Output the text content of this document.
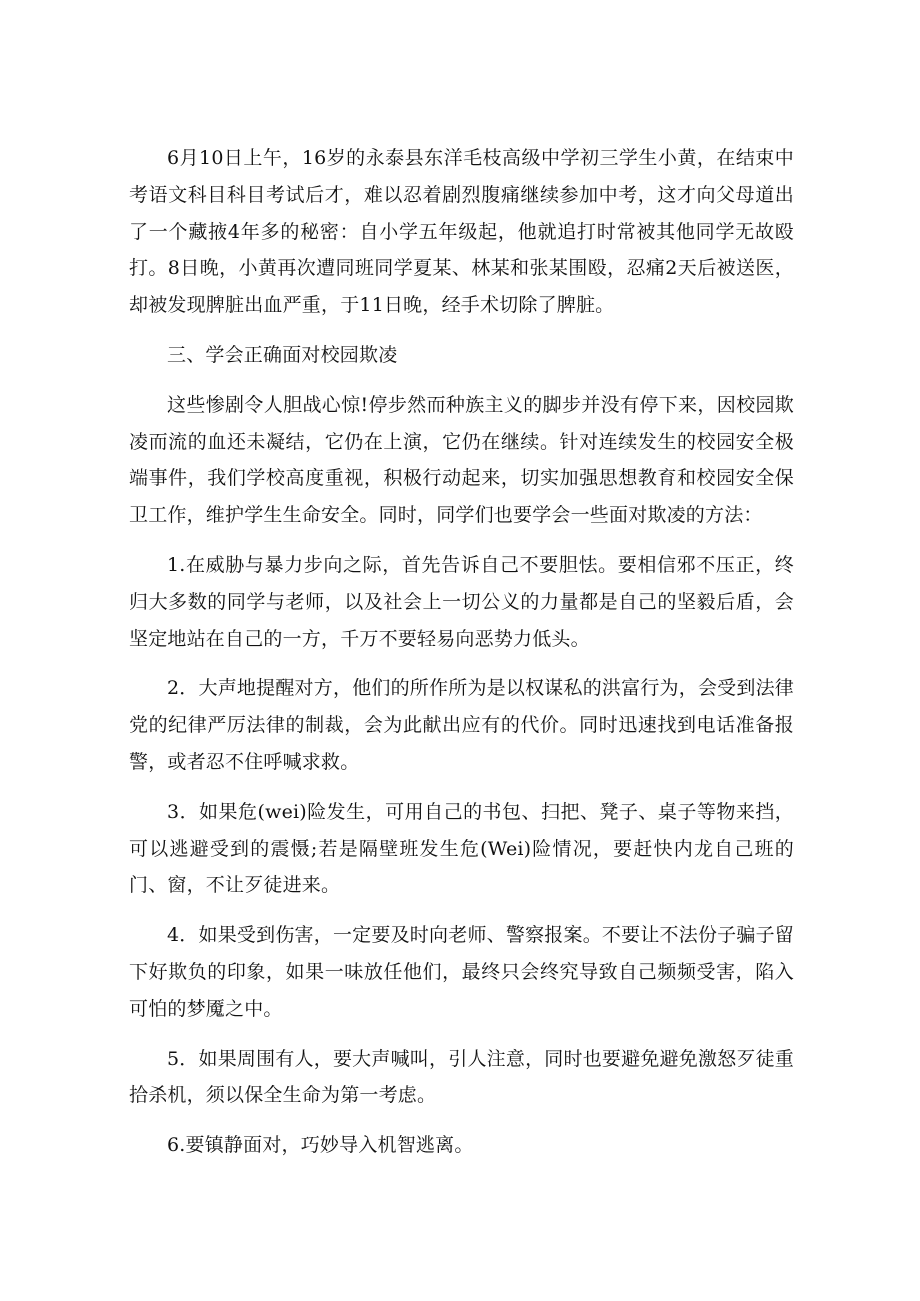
6月10日上午，16岁的永泰县东洋毛枝高级中学初三学生小黄，在结束中考语文科目科目考试后才，难以忍着剧烈腹痛继续参加中考，这才向父母道出了一个藏掖4年多的秘密：自小学五年级起，他就追打时常被其他同学无故殴打。8日晚，小黄再次遭同班同学夏某、林某和张某围殴，忍痛2天后被送医，却被发现脾脏出血严重，于11日晚，经手术切除了脾脏。

三、学会正确面对校园欺凌

这些惨剧令人胆战心惊!停步然而种族主义的脚步并没有停下来，因校园欺凌而流的血还未凝结，它仍在上演，它仍在继续。针对连续发生的校园安全极端事件，我们学校高度重视，积极行动起来，切实加强思想教育和校园安全保卫工作，维护学生生命安全。同时，同学们也要学会一些面对欺凌的方法：

1.在威胁与暴力步向之际，首先告诉自己不要胆怯。要相信邪不压正，终归大多数的同学与老师，以及社会上一切公义的力量都是自己的坚毅后盾，会坚定地站在自己的一方，千万不要轻易向恶势力低头。

2．大声地提醒对方，他们的所作所为是以权谋私的洪富行为，会受到法律党的纪律严厉法律的制裁，会为此献出应有的代价。同时迅速找到电话准备报警，或者忍不住呼喊求救。

3．如果危(wei)险发生，可用自己的书包、扫把、凳子、桌子等物来挡，可以逃避受到的震慑;若是隔壁班发生危(Wei)险情况，要赶快内龙自己班的门、窗，不让歹徒进来。

4．如果受到伤害，一定要及时向老师、警察报案。不要让不法份子骗子留下好欺负的印象，如果一味放任他们，最终只会终究导致自己频频受害，陷入可怕的梦魇之中。

5．如果周围有人，要大声喊叫，引人注意，同时也要避免避免激怒歹徒重拾杀机，须以保全生命为第一考虑。

6.要镇静面对，巧妙导入机智逃离。
